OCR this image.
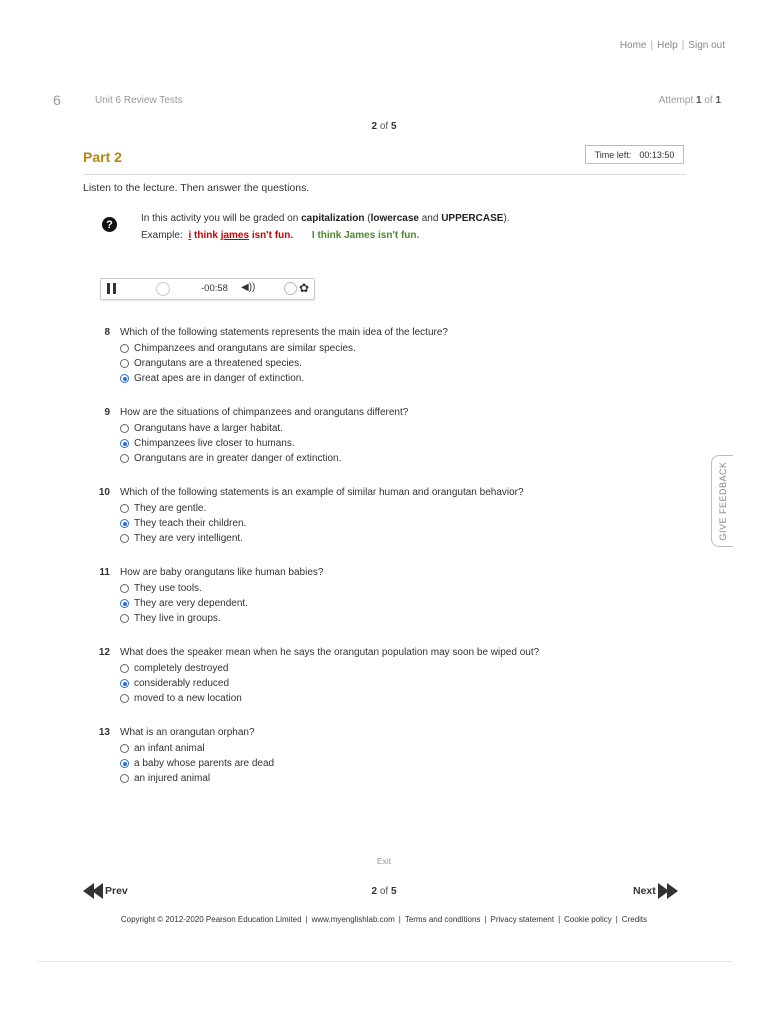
Home | Help | Sign out
6	Unit 6 Review Tests	Attempt 1 of 1
2 of 5
Part 2	Time left: 00:13:50
Listen to the lecture. Then answer the questions.
?	In this activity you will be graded on capitalization (lowercase and UPPERCASE).
Example: i think james isn't fun. I think James isn't fun.
-00:58 ◀︎))	✿
8 Which of the following statements represents the main idea of the lecture?
Chimpanzees and orangutans are similar species.
Orangutans are a threatened species.
Great apes are in danger of extinction.
9 How are the situations of chimpanzees and orangutans different?
Orangutans have a larger habitat.
Chimpanzees live closer to humans.
Orangutans are in greater danger of extinction.
10 Which of the following statements is an example of similar human and orangutan behavior?
They are gentle.
They teach their children.
They are very intelligent.
11 How are baby orangutans like human babies?
They use tools.
They are very dependent.
They live in groups.
12 What does the speaker mean when he says the orangutan population may soon be wiped out?
completely destroyed
considerably reduced
moved to a new location
13 What is an orangutan orphan?
an infant animal
a baby whose parents are dead
an injured animal
GIVE FEEDBACK
Exit
Prev	2 of 5	Next
Copyright © 2012-2020 Pearson Education Limited | www.myenglishlab.com | Terms and conditions | Privacy statement | Cookie policy | Credits
